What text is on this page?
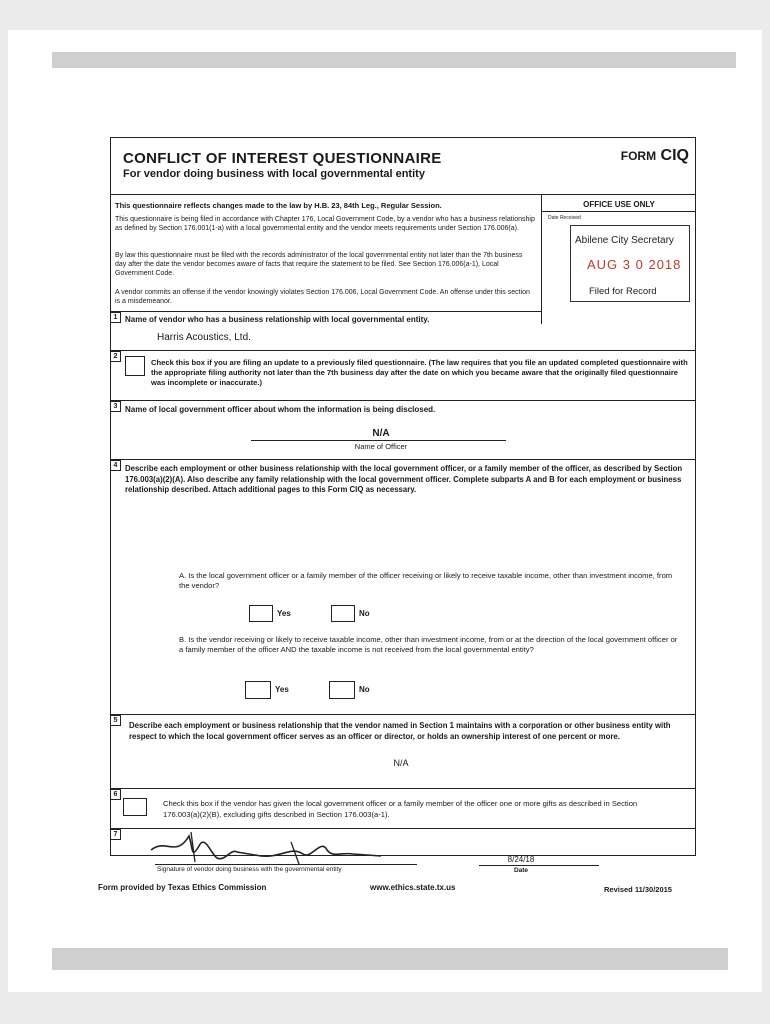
CONFLICT OF INTEREST QUESTIONNAIRE
For vendor doing business with local governmental entity
FORM CIQ
OFFICE USE ONLY
Date Received
This questionnaire reflects changes made to the law by H.B. 23, 84th Leg., Regular Session.
This questionnaire is being filed in accordance with Chapter 176, Local Government Code, by a vendor who has a business relationship as defined by Section 176.001(1-a) with a local governmental entity and the vendor meets requirements under Section 176.006(a).
By law this questionnaire must be filed with the records administrator of the local governmental entity not later than the 7th business day after the date the vendor becomes aware of facts that require the statement to be filed. See Section 176.006(a-1), Local Government Code.
A vendor commits an offense if the vendor knowingly violates Section 176.006, Local Government Code. An offense under this section is a misdemeanor.
1 Name of vendor who has a business relationship with local governmental entity.
Harris Acoustics, Ltd.
2
Check this box if you are filing an update to a previously filed questionnaire. (The law requires that you file an updated completed questionnaire with the appropriate filing authority not later than the 7th business day after the date on which you became aware that the originally filed questionnaire was incomplete or inaccurate.)
3 Name of local government officer about whom the information is being disclosed.
N/A
Name of Officer
4 Describe each employment or other business relationship with the local government officer, or a family member of the officer, as described by Section 176.003(a)(2)(A). Also describe any family relationship with the local government officer. Complete subparts A and B for each employment or business relationship described. Attach additional pages to this Form CIQ as necessary.
A. Is the local government officer or a family member of the officer receiving or likely to receive taxable income, other than investment income, from the vendor?
Yes	No
B. Is the vendor receiving or likely to receive taxable income, other than investment income, from or at the direction of the local government officer or a family member of the officer AND the taxable income is not received from the local governmental entity?
Yes	No
5
Describe each employment or business relationship that the vendor named in Section 1 maintains with a corporation or other business entity with respect to which the local government officer serves as an officer or director, or holds an ownership interest of one percent or more.
N/A
6
Check this box if the vendor has given the local government officer or a family member of the officer one or more gifts as described in Section 176.003(a)(2)(B), excluding gifts described in Section 176.003(a-1).
7
Signature of vendor doing business with the governmental entity
8/24/18
Date
Abilene City Secretary
AUG 3 0 2018
Filed for Record
Form provided by Texas Ethics Commission	www.ethics.state.tx.us	Revised 11/30/2015
